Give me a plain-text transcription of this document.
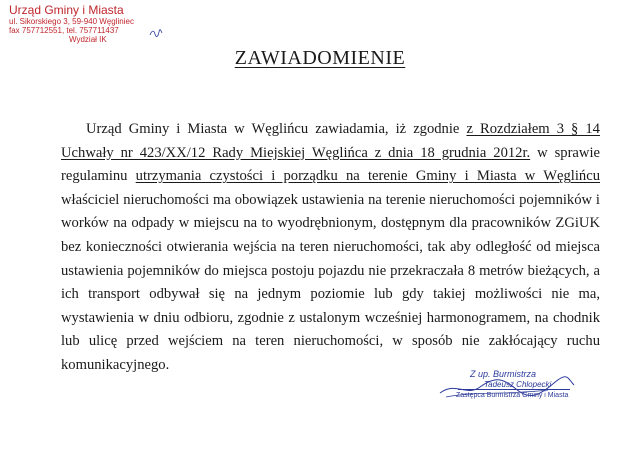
Urząd Gminy i Miasta
ul. Sikorskiego 3, 59-940 Węgliniec
fax 757712551, tel. 757711437
Wydział IK
ZAWIADOMIENIE

Urząd Gminy i Miasta w Węglińcu zawiadamia, iż zgodnie z Rozdziałem 3 § 14 Uchwały nr 423/XX/12 Rady Miejskiej Węglińca z dnia 18 grudnia 2012r. w sprawie regulaminu utrzymania czystości i porządku na terenie Gminy i Miasta w Węglińcu właściciel nieruchomości ma obowiązek ustawienia na terenie nieruchomości pojemników i worków na odpady w miejscu na to wyodrębnionym, dostępnym dla pracowników ZGiUK bez konieczności otwierania wejścia na teren nieruchomości, tak aby odległość od miejsca ustawienia pojemników do miejsca postoju pojazdu nie przekraczała 8 metrów bieżących, a ich transport odbywał się na jednym poziomie lub gdy takiej możliwości nie ma, wystawienia w dniu odbioru, zgodnie z ustalonym wcześniej harmonogramem, na chodnik lub ulicę przed wejściem na teren nieruchomości, w sposób nie zakłócający ruchu komunikacyjnego.

Z up. Burmistrza
Tadeusz Chlopecki
Zastępca Burmistrza Gminy i Miasta
